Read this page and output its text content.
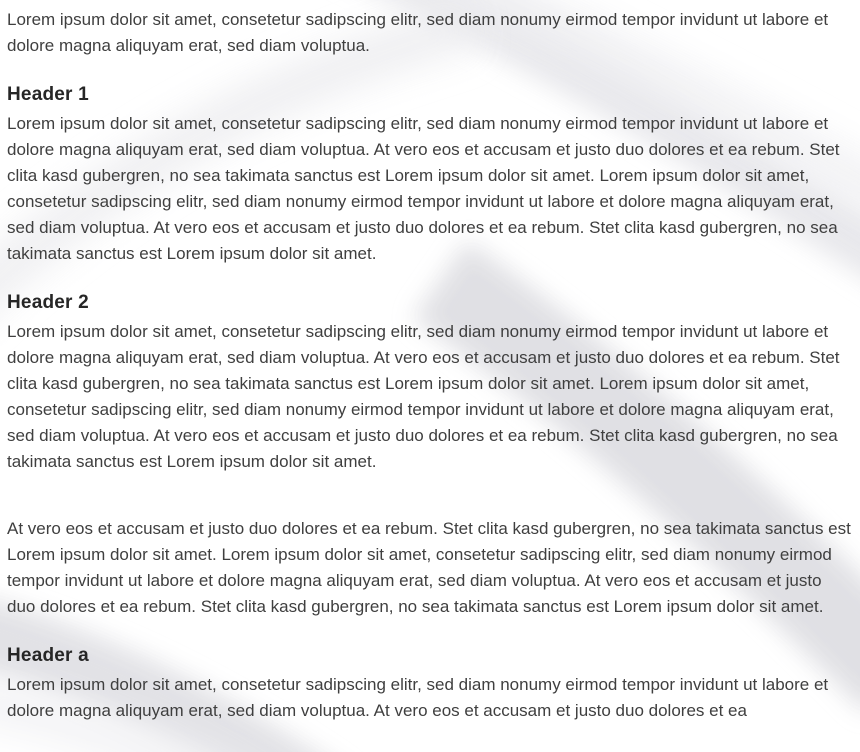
Lorem ipsum dolor sit amet, consetetur sadipscing elitr, sed diam nonumy eirmod tempor invidunt ut labore et dolore magna aliquyam erat, sed diam voluptua.

Header 1

Lorem ipsum dolor sit amet, consetetur sadipscing elitr, sed diam nonumy eirmod tempor invidunt ut labore et dolore magna aliquyam erat, sed diam voluptua. At vero eos et accusam et justo duo dolores et ea rebum. Stet clita kasd gubergren, no sea takimata sanctus est Lorem ipsum dolor sit amet. Lorem ipsum dolor sit amet, consetetur sadipscing elitr, sed diam nonumy eirmod tempor invidunt ut labore et dolore magna aliquyam erat, sed diam voluptua. At vero eos et accusam et justo duo dolores et ea rebum. Stet clita kasd gubergren, no sea takimata sanctus est Lorem ipsum dolor sit amet.

Header 2

Lorem ipsum dolor sit amet, consetetur sadipscing elitr, sed diam nonumy eirmod tempor invidunt ut labore et dolore magna aliquyam erat, sed diam voluptua. At vero eos et accusam et justo duo dolores et ea rebum. Stet clita kasd gubergren, no sea takimata sanctus est Lorem ipsum dolor sit amet. Lorem ipsum dolor sit amet, consetetur sadipscing elitr, sed diam nonumy eirmod tempor invidunt ut labore et dolore magna aliquyam erat, sed diam voluptua. At vero eos et accusam et justo duo dolores et ea rebum. Stet clita kasd gubergren, no sea takimata sanctus est Lorem ipsum dolor sit amet.

At vero eos et accusam et justo duo dolores et ea rebum. Stet clita kasd gubergren, no sea takimata sanctus est Lorem ipsum dolor sit amet. Lorem ipsum dolor sit amet, consetetur sadipscing elitr, sed diam nonumy eirmod tempor invidunt ut labore et dolore magna aliquyam erat, sed diam voluptua. At vero eos et accusam et justo duo dolores et ea rebum. Stet clita kasd gubergren, no sea takimata sanctus est Lorem ipsum dolor sit amet.

Header a

Lorem ipsum dolor sit amet, consetetur sadipscing elitr, sed diam nonumy eirmod tempor invidunt ut labore et dolore magna aliquyam erat, sed diam voluptua. At vero eos et accusam et justo duo dolores et ea
